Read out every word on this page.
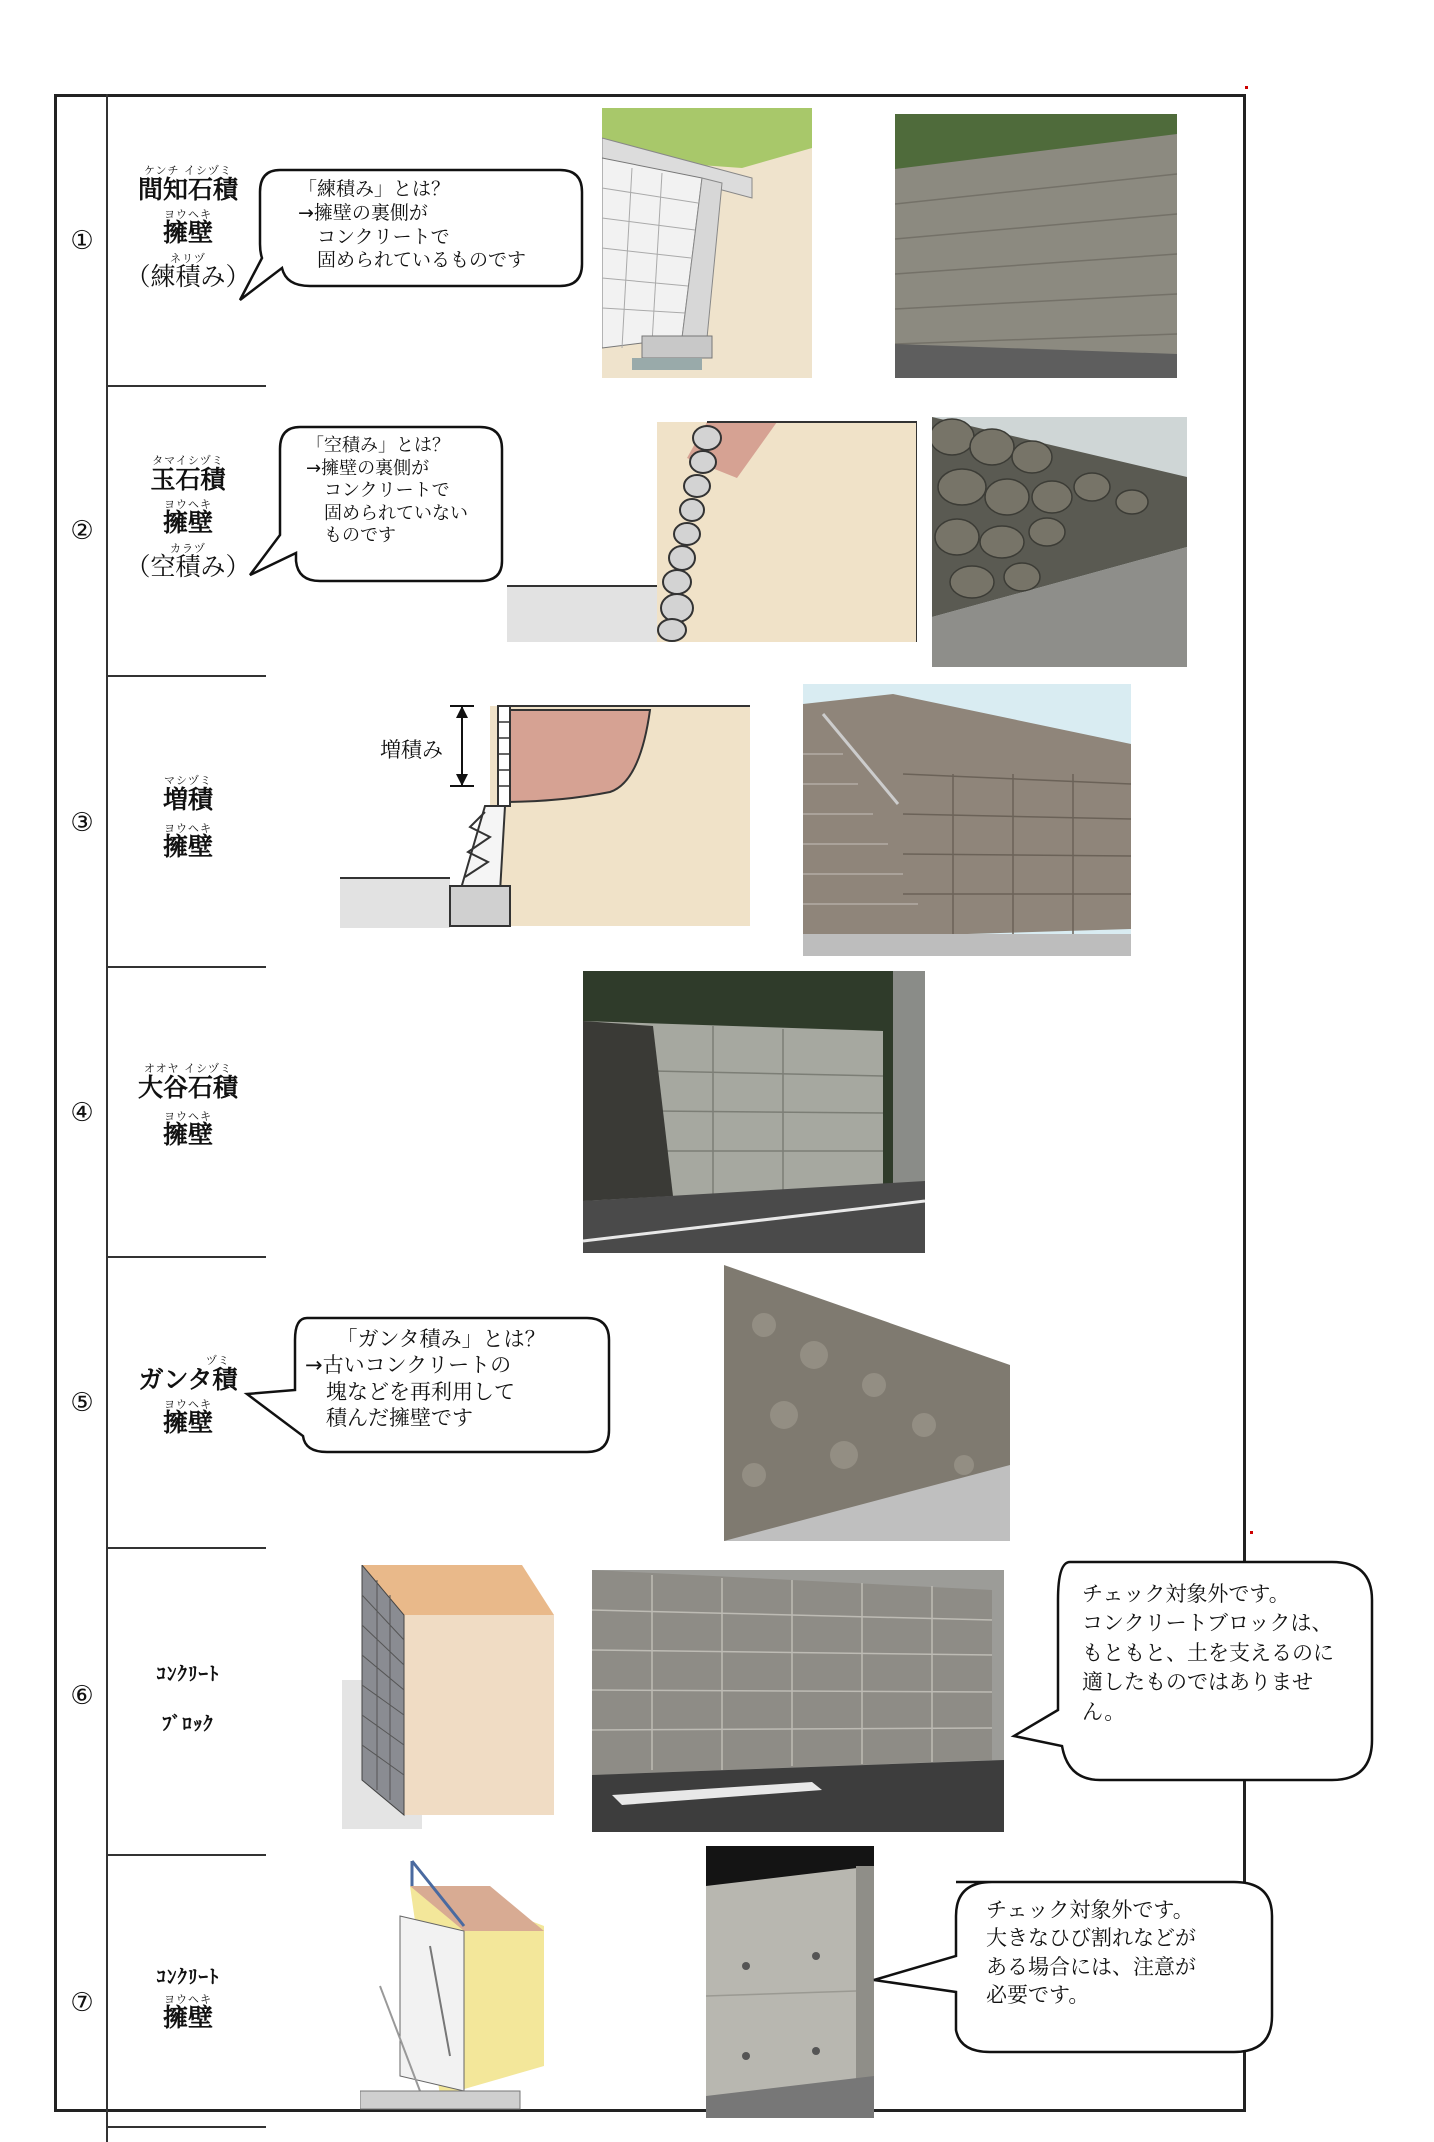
①
ケンチ イシヅミ
間知石積
ヨウヘキ
擁壁
ネリヅ
（練積み）
「練積み」とは？
→擁壁の裏側が
　コンクリートで
　固められているものです
②
タマイシヅミ
玉石積
ヨウヘキ
擁壁
カラヅ
（空積み）
「空積み」とは？
→擁壁の裏側が
　コンクリートで
　固められていない
　ものです
③
マシヅミ
増積
ヨウヘキ
擁壁
増積み
④
オオヤ イシヅミ
大谷石積
ヨウヘキ
擁壁
⑤
ヅミ
ガンタ積
ヨウヘキ
擁壁
　　「ガンタ積み」とは？
→古いコンクリートの
　塊などを再利用して
　積んだ擁壁です
⑥
ｺﾝｸﾘｰﾄ
ﾌﾞﾛｯｸ
チェック対象外です。
コンクリートブロックは、
もともと、土を支えるのに
適したものではありませ
ん。
⑦
ｺﾝｸﾘｰﾄ
ヨウヘキ
擁壁
チェック対象外です。
大きなひび割れなどが
ある場合には、注意が
必要です。
